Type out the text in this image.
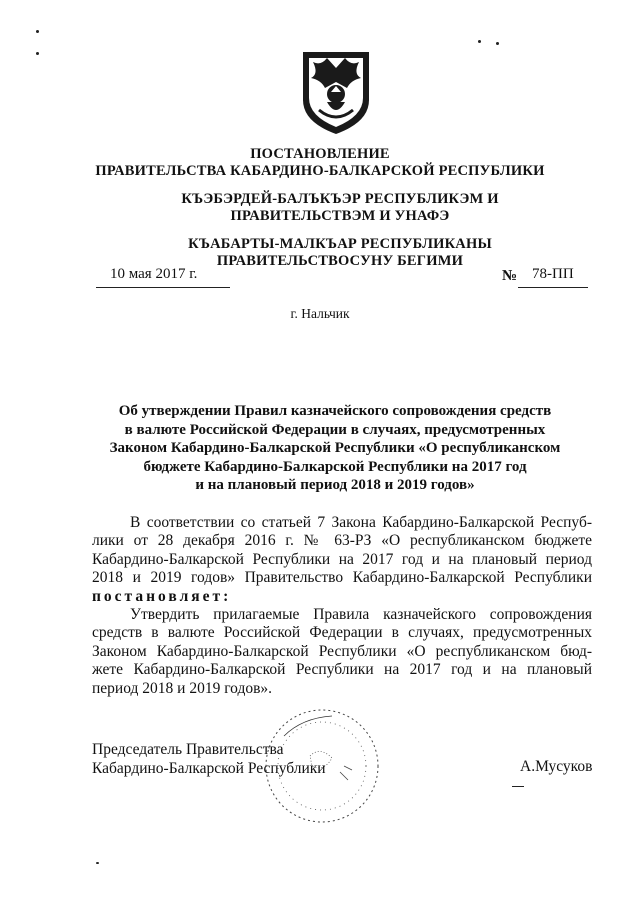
ПОСТАНОВЛЕНИЕ
ПРАВИТЕЛЬСТВА КАБАРДИНО-БАЛКАРСКОЙ РЕСПУБЛИКИ
КЪЭБЭРДЕЙ-БАЛЪКЪЭР РЕСПУБЛИКЭМ И ПРАВИТЕЛЬСТВЭМ И УНАФЭ
КЪАБАРТЫ-МАЛКЪАР РЕСПУБЛИКАНЫ ПРАВИТЕЛЬСТВОСУНУ БЕГИМИ
10 мая 2017 г.	№ 78-ПП
г. Нальчик
Об утверждении Правил казначейского сопровождения средств
в валюте Российской Федерации в случаях, предусмотренных
Законом Кабардино-Балкарской Республики «О республиканском
бюджете Кабардино-Балкарской Республики на 2017 год
и на плановый период 2018 и 2019 годов»
В соответствии со статьей 7 Закона Кабардино-Балкарской Респуб-
лики от 28 декабря 2016 г. № 63-РЗ «О республиканском бюджете
Кабардино-Балкарской Республики на 2017 год и на плановый период
2018 и 2019 годов» Правительство Кабардино-Балкарской Республики
постановляет:
Утвердить прилагаемые Правила казначейского сопровождения
средств в валюте Российской Федерации в случаях, предусмотренных
Законом Кабардино-Балкарской Республики «О республиканском бюд-
жете Кабардино-Балкарской Республики на 2017 год и на плановый
период 2018 и 2019 годов».
Председатель Правительства
Кабардино-Балкарской Республики	А.Мусуков
